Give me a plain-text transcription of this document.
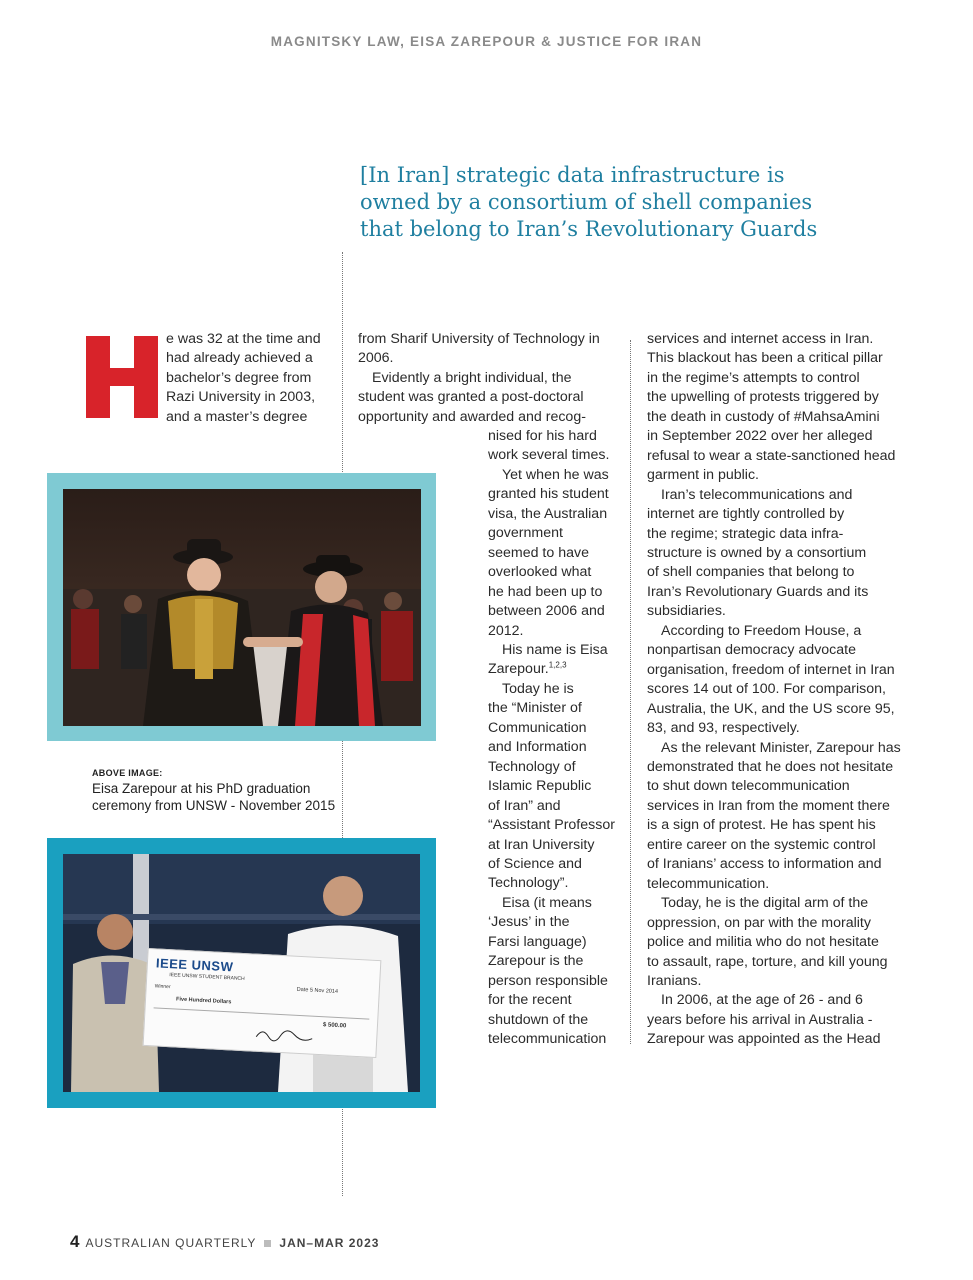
MAGNITSKY LAW, EISA ZAREPOUR & JUSTICE FOR IRAN
[In Iran] strategic data infrastructure is
owned by a consortium of shell companies
that belong to Iran’s Revolutionary Guards
e was 32 at the time and
had already achieved a
bachelor’s degree from
Razi University in 2003,
and a master’s degree
from Sharif University of Technology in
2006.
Evidently a bright individual, the
student was granted a post-doctoral
opportunity and awarded and recog-
nised for his hard
work several times.
Yet when he was
granted his student
visa, the Australian
government
seemed to have
overlooked what
he had been up to
between 2006 and
2012.
His name is Eisa
Zarepour.$^{1,2,3}$
Today he is
the “Minister of
Communication
and Information
Technology of
Islamic Republic
of Iran” and
“Assistant Professor
at Iran University
of Science and
Technology”.
Eisa (it means
‘Jesus’ in the
Farsi language)
Zarepour is the
person responsible
for the recent
shutdown of the
telecommunication
services and internet access in Iran.
This blackout has been a critical pillar
in the regime’s attempts to control
the upwelling of protests triggered by
the death in custody of #MahsaAmini
in September 2022 over her alleged
refusal to wear a state-sanctioned head
garment in public.
Iran’s telecommunications and
internet are tightly controlled by
the regime; strategic data infra-
structure is owned by a consortium
of shell companies that belong to
Iran’s Revolutionary Guards and its
subsidiaries.
According to Freedom House, a
nonpartisan democracy advocate
organisation, freedom of internet in Iran
scores 14 out of 100. For comparison,
Australia, the UK, and the US score 95,
83, and 93, respectively.
As the relevant Minister, Zarepour has
demonstrated that he does not hesitate
to shut down telecommunication
services in Iran from the moment there
is a sign of protest. He has spent his
entire career on the systemic control
of Iranians’ access to information and
telecommunication.
Today, he is the digital arm of the
oppression, on par with the morality
police and militia who do not hesitate
to assault, rape, torture, and kill young
Iranians.
In 2006, at the age of 26 - and 6
years before his arrival in Australia -
Zarepour was appointed as the Head
ABOVE IMAGE:
Eisa Zarepour at his PhD graduation
ceremony from UNSW - November 2015
IEEE UNSW
IEEE UNSW STUDENT BRANCH
Winner
Date 5 Nov 2014
Five Hundred Dollars
$ 500.00
4 AUSTRALIAN QUARTERLY JAN–MAR 2023
